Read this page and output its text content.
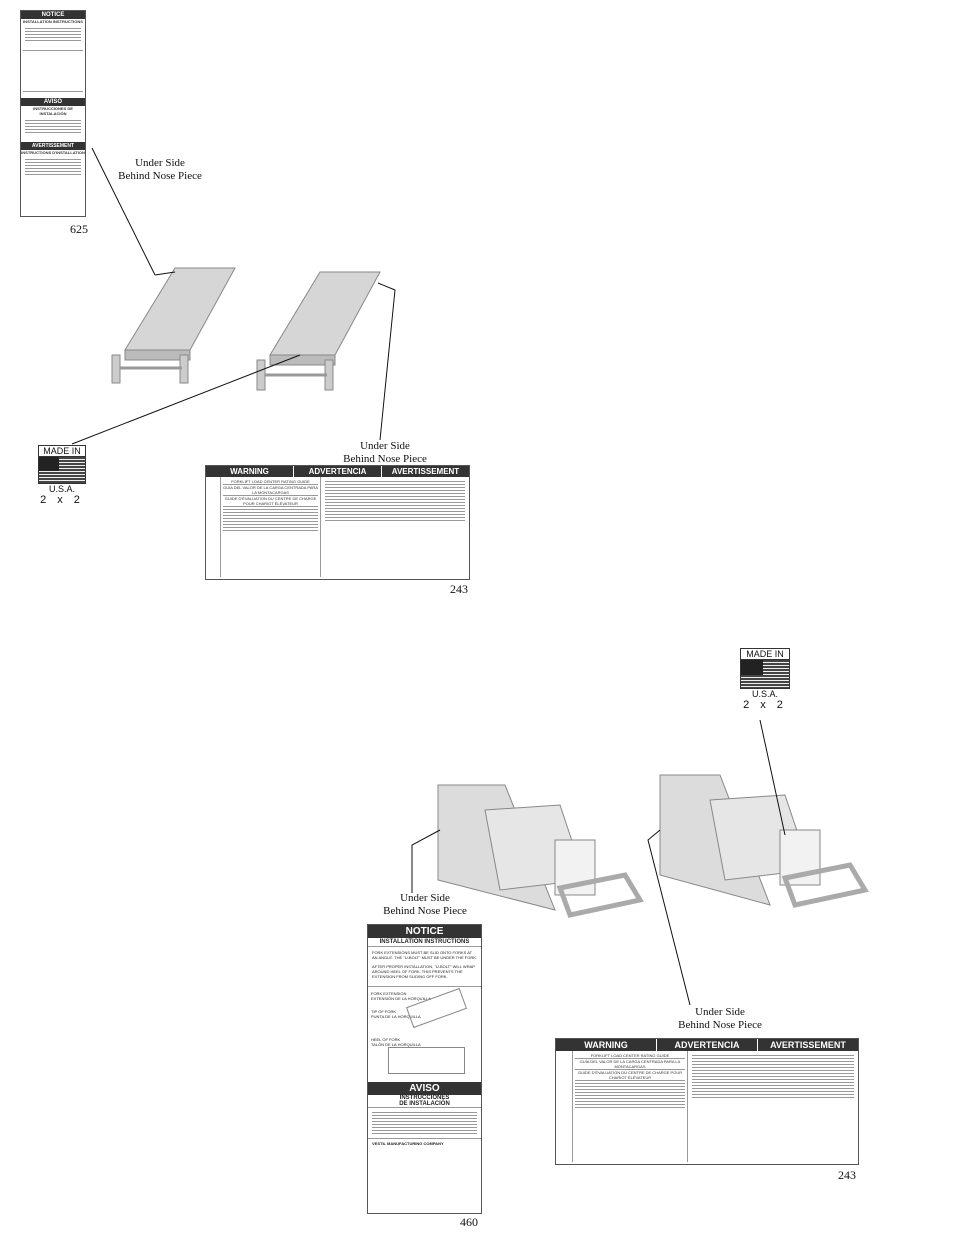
NOTICE
INSTALLATION INSTRUCTIONS
AVISO
INSTRUCCIONES DE INSTALACIÓN
AVERTISSEMENT
INSTRUCTIONS D'INSTALLATION
625
Under Side
Behind Nose Piece
Under Side
Behind Nose Piece
MADE IN
U.S.A.
2 x 2
WARNING	ADVERTENCIA	AVERTISSEMENT
FORKLIFT LOAD CENTER RATING GUIDE
GUÍA DEL VALOR DE LA CARGA CENTRADA PARA LA MONTACARGAS
GUIDE D'ÉVALUATION DU CENTRE DE CHARGE POUR CHARIOT ÉLÉVATEUR
243
MADE IN
U.S.A.
2 x 2
Under Side
Behind Nose Piece
Under Side
Behind Nose Piece
NOTICE
INSTALLATION INSTRUCTIONS
FORK EXTENSIONS MUST BE SLID ONTO FORKS AT AN ANGLE. THE "U-BOLT" MUST BE UNDER THE FORK.
AFTER PROPER INSTALLATION, "U-BOLT" WILL WRAP AROUND HEEL OF FORK. THIS PREVENTS THE EXTENSION FROM SLIDING OFF FORK.
FORK EXTENSION
EXTENSIÓN DE LA HORQUILLA
TIP OF FORK
PUNTA DE LA HORQUILLA
HEEL OF FORK
TALÓN DE LA HORQUILLA
AVISO
INSTRUCCIONES
DE INSTALACIÓN
VESTIL MANUFACTURING COMPANY
460
WARNING	ADVERTENCIA	AVERTISSEMENT
FORKLIFT LOAD CENTER RATING GUIDE
GUÍA DEL VALOR DE LA CARGA CENTRADA PARA LA MONTACARGAS
GUIDE D'ÉVALUATION DU CENTRE DE CHARGE POUR CHARIOT ÉLÉVATEUR
243
